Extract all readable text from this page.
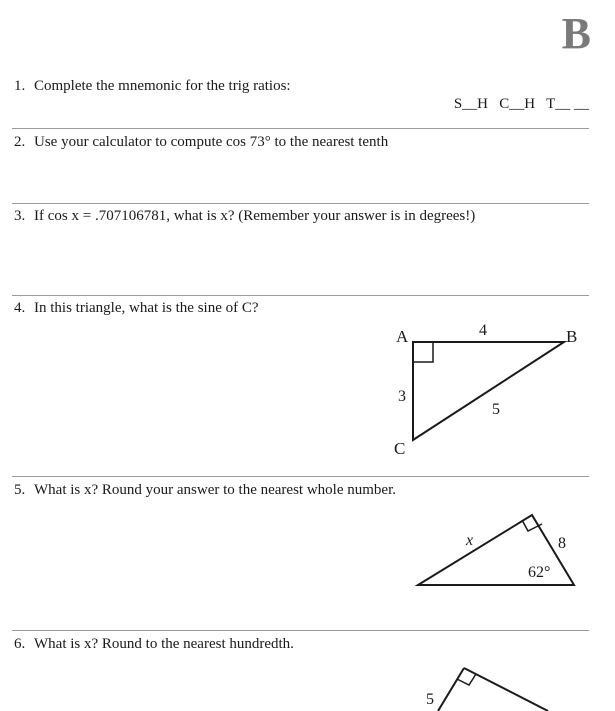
B
1. Complete the mnemonic for the trig ratios:
S__H   C__H   T__ __
2. Use your calculator to compute cos 73° to the nearest tenth
3. If cos x = .707106781, what is x? (Remember your answer is in degrees!)
4. In this triangle, what is the sine of C?
A	B
C
4
3
5
5. What is x? Round your answer to the nearest whole number.
x	8
62°
6. What is x? Round to the nearest hundredth.
5
